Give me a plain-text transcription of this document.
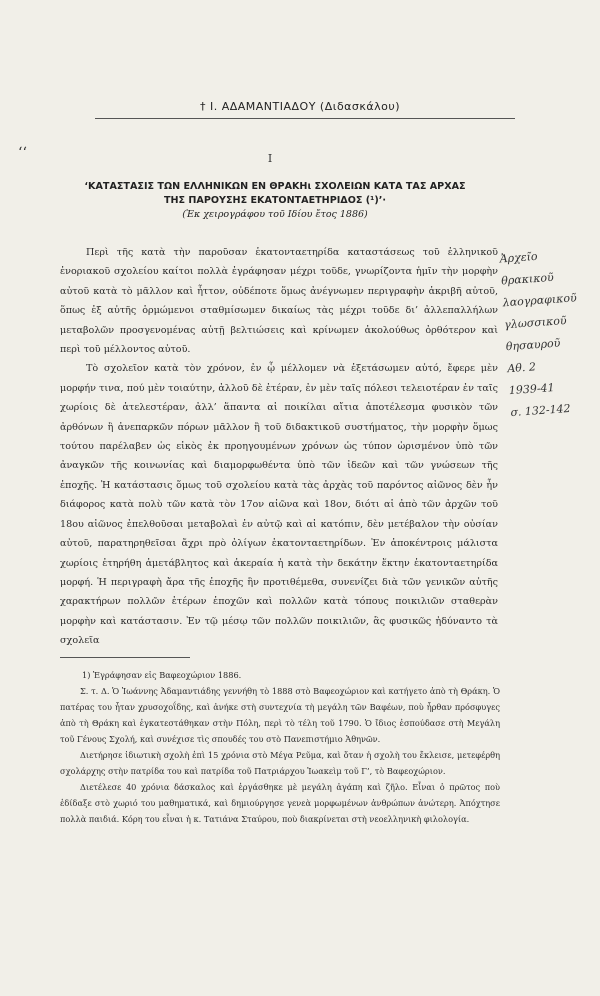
† Ι. ΑΔΑΜΑΝΤΙΑΔΟΥ (Διδασκάλου)
‘‘	Ι
‘ΚΑΤΑΣΤΑΣΙΣ ΤΩΝ ΕΛΛΗΝΙΚΩΝ ΕΝ ΘΡΑΚΗι ΣΧΟΛΕΙΩΝ ΚΑΤΑ ΤΑΣ ΑΡΧΑΣ
ΤΗΣ ΠΑΡΟΥΣΗΣ ΕΚΑΤΟΝΤΑΕΤΗΡΙΔΟΣ (¹)’·
(Ἐκ χειρογράφου τοῦ Ιδίου ἔτος 1886)

Περὶ τῆς κατὰ τὴν παροῦσαν ἑκατονταετηρίδα καταστάσεως τοῦ ἑλληνικοῦ ἐνοριακοῦ σχολείου καίτοι πολλὰ ἐγράφησαν μέχρι τοῦδε, γνωρίζοντα ἡμῖν τὴν μορφὴν αὐτοῦ κατὰ τὸ μᾶλλον καὶ ἧττον, οὐδέποτε ὅμως ἀνέγνωμεν περιγραφὴν ἀκριβῆ αὐτοῦ, ὅπως ἐξ αὐτῆς ὁρμώμενοι σταθμίσωμεν δικαίως τὰς μέχρι τοῦδε δι’ ἀλλεπαλλήλων μεταβολῶν προσγενομένας αὐτῇ βελτιώσεις καὶ κρίνωμεν ἀκολούθως ὀρθότερον καὶ περὶ τοῦ μέλλοντος αὐτοῦ.

Τὸ σχολεῖον κατὰ τὸν χρόνον, ἐν ᾧ μέλλομεν νὰ ἐξετάσωμεν αὐτό, ἔφερε μὲν μορφήν τινα, πού μὲν τοιαύτην, ἀλλοῦ δὲ ἑτέραν, ἐν μὲν ταῖς πόλεσι τελειοτέραν ἐν ταῖς χωρίοις δὲ ἀτελεστέραν, ἀλλ’ ἅπαντα αἱ ποικίλαι αἴτια ἀποτέλεσμα φυσικὸν τῶν ἀρθόνων ἢ ἀνεπαρκῶν πόρων μᾶλλον ἢ τοῦ διδακτικοῦ συστήματος, τὴν μορφὴν ὅμως τούτου παρέλαβεν ὡς εἰκὸς ἐκ προηγουμένων χρόνων ὡς τύπον ὡρισμένον ὑπὸ τῶν ἀναγκῶν τῆς κοινωνίας καὶ διαμορφωθέντα ὑπὸ τῶν ἰδεῶν καὶ τῶν γνώσεων τῆς ἐποχῆς. Ἡ κατάστασις ὅμως τοῦ σχολείου κατὰ τὰς ἀρχὰς τοῦ παρόντος αἰῶνος δὲν ἦν διάφορος κατὰ πολὺ τῶν κατὰ τὸν 17ον αἰῶνα καὶ 18ον, διότι αἱ ἀπὸ τῶν ἀρχῶν τοῦ 18ου αἰῶνος ἐπελθοῦσαι μεταβολαὶ ἐν αὐτῷ καὶ αἱ κατόπιν, δὲν μετέβαλον τὴν οὐσίαν αὐτοῦ, παρατηρηθεῖσαι ἄχρι πρὸ ὀλίγων ἑκατονταετηρίδων. Ἐν ἀποκέντροις μάλιστα χωρίοις ἐτηρήθη ἀμετάβλητος καὶ ἀκεραία ἡ κατὰ τὴν δεκάτην ἕκτην ἑκατονταετηρίδα μορφή. Ἡ περιγραφὴ ἄρα τῆς ἐποχῆς ἣν προτιθέμεθα, συνενίζει διὰ τῶν γενικῶν αὐτῆς χαρακτήρων πολλῶν ἑτέρων ἐποχῶν καὶ πολλῶν κατὰ τόπους ποικιλιῶν σταθερὰν μορφὴν καὶ κατάστασιν. Ἐν τῷ μέσῳ τῶν πολλῶν ποικιλιῶν, ἃς φυσικῶς ἠδύναντο τὰ σχολεῖα

1) Ἐγράφησαν εἰς Βαφεοχώριον 1886.

Σ. τ. Δ. Ὁ Ἰωάννης Ἀδαμαντιάδης γεννήθη τὸ 1888 στὸ Βαφεοχώριον καὶ κατήγετο ἀπὸ τὴ Θράκη. Ὁ πατέρας του ἦταν χρυσοχοΐδης, καὶ ἀνήκε στὴ συντεχνία τὴ μεγάλη τῶν Βαφέων, ποὺ ἦρθαν πρόσφυγες ἀπὸ τὴ Θράκη καὶ ἐγκατεστάθηκαν στὴν Πόλη, περὶ τὸ τέλη τοῦ 1790. Ὁ ἴδιος ἐσπούδασε στὴ Μεγάλη τοῦ Γένους Σχολή, καὶ συνέχισε τὶς σπουδές του στὸ Πανεπιστήμιο Ἀθηνῶν.

Διετήρησε ἰδιωτικὴ σχολὴ ἐπὶ 15 χρόνια στὸ Μέγα Ρεῦμα, καὶ ὅταν ἡ σχολὴ του ἔκλεισε, μετεφέρθη σχολάρχης στὴν πατρίδα του καὶ πατρίδα τοῦ Πατριάρχου Ἰωακεὶμ τοῦ Γ’, τὸ Βαφεοχώριον.

Διετέλεσε 40 χρόνια δάσκαλος καὶ ἐργάσθηκε μὲ μεγάλη ἀγάπη καὶ ζῆλο. Εἶναι ὁ πρῶτος ποὺ ἐδίδαξε στὸ χωριό του μαθηματικά, καὶ δημιούργησε γενεὰ μορφωμένων ἀνθρώπων ἀνώτερη. Ἀπόχτησε πολλὰ παιδιά. Κόρη του εἶναι ἡ κ. Τατιάνα Σταύρου, ποὺ διακρίνεται στὴ νεοελληνικὴ φιλολογία.

Ἀρχεῖο
θρακικοῦ
λαογραφικοῦ
γλωσσικοῦ
θησαυροῦ
Αθ. 2
1939-41
σ. 132-142
